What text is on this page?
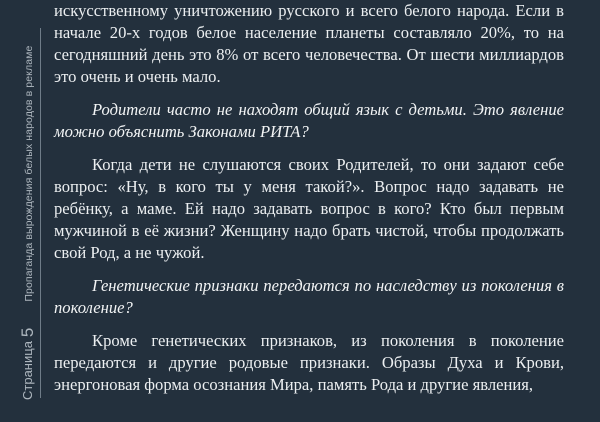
Страница5Пропаганда вырождения белых народов в рекламе

искусственному уничтожению русского и всего белого народа. Если в начале 20-х годов белое население планеты составляло 20%, то на сегодняшний день это 8% от всего человечества. От шести миллиардов это очень и очень мало.

Родители часто не находят общий язык с детьми. Это явление можно объяснить Законами РИТА?

Когда дети не слушаются своих Родителей, то они задают себе вопрос: «Ну, в кого ты у меня такой?». Вопрос надо задавать не ребёнку, а маме. Ей надо задавать вопрос в кого? Кто был первым мужчиной в её жизни? Женщину надо брать чистой, чтобы продолжать свой Род, а не чужой.

Генетические признаки передаются по наследству из поколения в поколение?

Кроме генетических признаков, из поколения в поколение передаются и другие родовые признаки. Образы Духа и Крови, энергоновая форма осознания Мира, память Рода и другие явления,
